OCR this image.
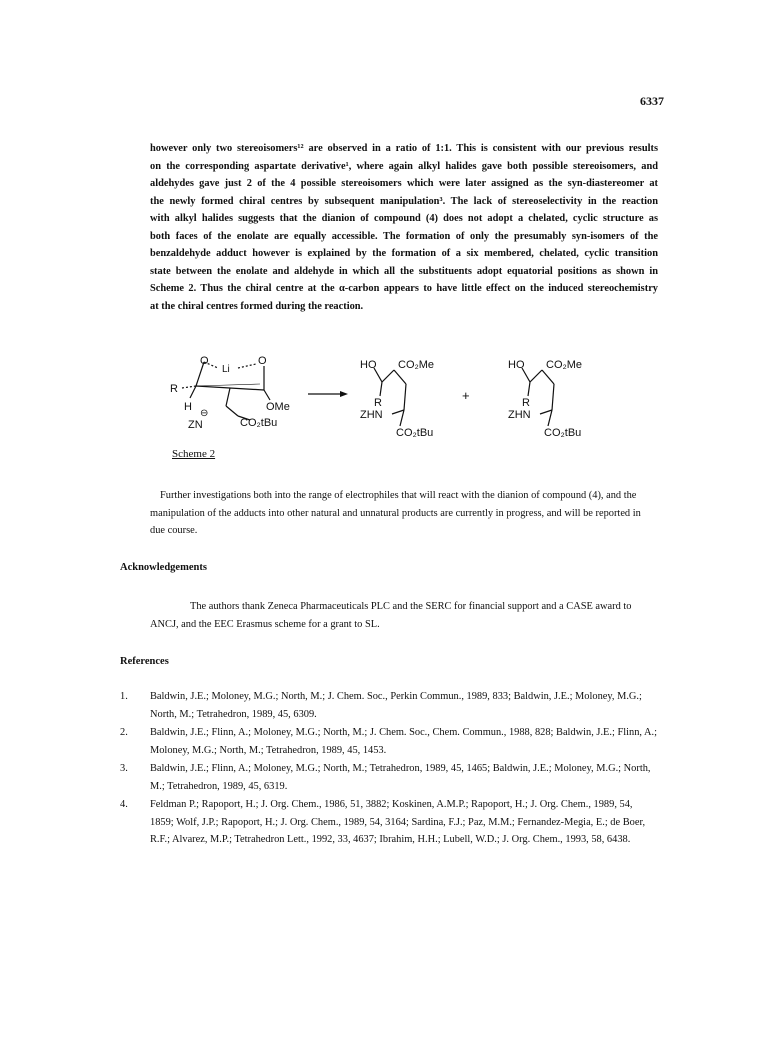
6337
however only two stereoisomers¹² are observed in a ratio of 1:1. This is consistent with our previous results
on the corresponding aspartate derivative¹, where again alkyl halides gave both possible stereoisomers, and
aldehydes gave just 2 of the 4 possible stereoisomers which were later assigned as the syn-diastereomer at
the newly formed chiral centres by subsequent manipulation³. The lack of stereoselectivity in the reaction
with alkyl halides suggests that the dianion of compound (4) does not adopt a chelated, cyclic structure as
both faces of the enolate are equally accessible. The formation of only the presumably syn-isomers of the
benzaldehyde adduct however is explained by the formation of a six membered, chelated, cyclic transition
state between the enolate and aldehyde in which all the substituents adopt equatorial positions as shown in
Scheme 2. Thus the chiral centre at the α-carbon appears to have little effect on the induced stereochemistry
at the chiral centres formed during the reaction.
O
Li
O
R
H	OMe
⊖
ZN	CO₂tBu
HO CO₂Me
R
ZHN
CO₂tBu
+
HO CO₂Me
R
ZHN
CO₂tBu
Scheme 2
Further investigations both into the range of electrophiles that will react with the dianion of compound (4), and the manipulation of the adducts into other natural and unnatural products are currently in progress, and will be reported in due course.
Acknowledgements
The authors thank Zeneca Pharmaceuticals PLC and the SERC for financial support and a CASE award to ANCJ, and the EEC Erasmus scheme for a grant to SL.
References
1.	Baldwin, J.E.; Moloney, M.G.; North, M.; J. Chem. Soc., Perkin Commun., 1989, 833; Baldwin, J.E.; Moloney, M.G.; North, M.; Tetrahedron, 1989, 45, 6309.
2.	Baldwin, J.E.; Flinn, A.; Moloney, M.G.; North, M.; J. Chem. Soc., Chem. Commun., 1988, 828; Baldwin, J.E.; Flinn, A.; Moloney, M.G.; North, M.; Tetrahedron, 1989, 45, 1453.
3.	Baldwin, J.E.; Flinn, A.; Moloney, M.G.; North, M.; Tetrahedron, 1989, 45, 1465; Baldwin, J.E.; Moloney, M.G.; North, M.; Tetrahedron, 1989, 45, 6319.
4.	Feldman P.; Rapoport, H.; J. Org. Chem., 1986, 51, 3882; Koskinen, A.M.P.; Rapoport, H.; J. Org. Chem., 1989, 54, 1859; Wolf, J.P.; Rapoport, H.; J. Org. Chem., 1989, 54, 3164; Sardina, F.J.; Paz, M.M.; Fernandez-Megia, E.; de Boer, R.F.; Alvarez, M.P.; Tetrahedron Lett., 1992, 33, 4637; Ibrahim, H.H.; Lubell, W.D.; J. Org. Chem., 1993, 58, 6438.
